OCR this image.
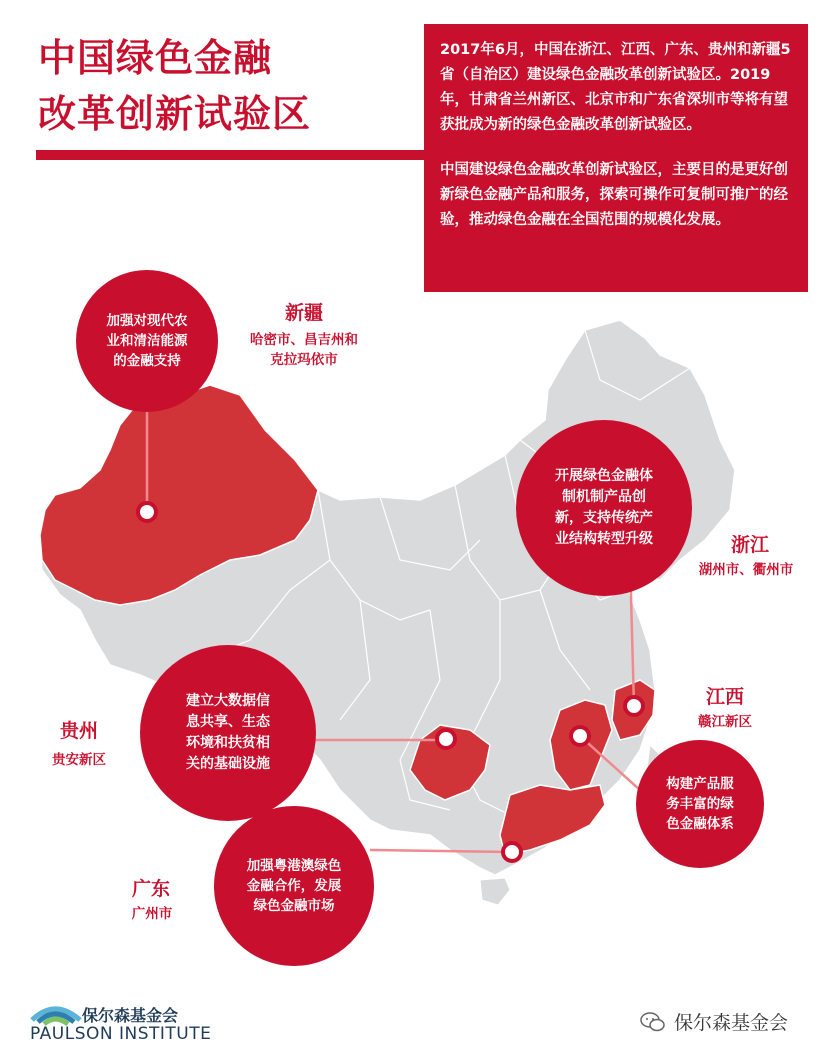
中国绿色金融
改革创新试验区

2017年6月，中国在浙江、江西、广东、贵州和新疆5省（自治区）建设绿色金融改革创新试验区。2019年，甘肃省兰州新区、北京市和广东省深圳市等将有望获批成为新的绿色金融改革创新试验区。

中国建设绿色金融改革创新试验区，主要目的是更好创新绿色金融产品和服务，探索可操作可复制可推广的经验，推动绿色金融在全国范围的规模化发展。

加强对现代农
业和清洁能源
的金融支持
开展绿色金融体
制机制产品创
新，支持传统产
业结构转型升级
建立大数据信
息共享、生态
环境和扶贫相
关的基础设施
构建产品服
务丰富的绿
色金融体系
加强粤港澳绿色
金融合作，发展
绿色金融市场
新疆
哈密市、昌吉州和
克拉玛依市
浙江
湖州市、衢州市
江西
赣江新区
贵州
贵安新区
广东
广州市
保尔森基金会
PAULSON INSTITUTE	保尔森基金会
